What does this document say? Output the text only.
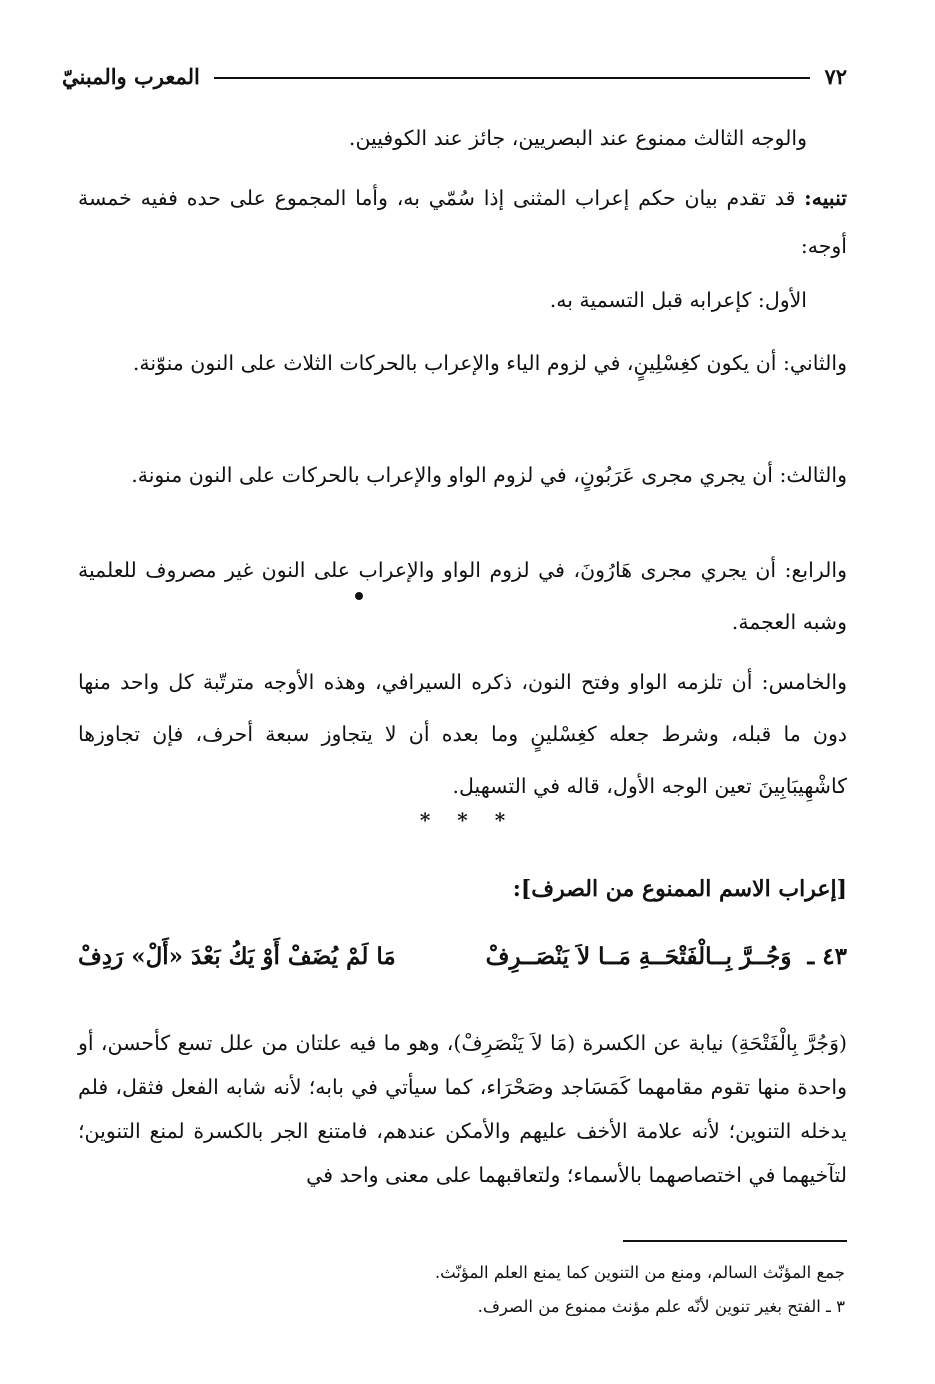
٧٢
المعرب والمبنيّ

والوجه الثالث ممنوع عند البصريين، جائز عند الكوفيين.

تنبيه: قد تقدم بيان حكم إعراب المثنى إذا سُمّي به، وأما المجموع على حده ففيه خمسة أوجه:

الأول: كإعرابه قبل التسمية به.

والثاني: أن يكون كغِسْلِينٍ، في لزوم الياء والإعراب بالحركات الثلاث على النون منوّنة.

والثالث: أن يجري مجرى عَرَبُونٍ، في لزوم الواو والإعراب بالحركات على النون منونة.

والرابع: أن يجري مجرى هَارُونَ، في لزوم الواو والإعراب على النون غير مصروف للعلمية وشبه العجمة.

والخامس: أن تلزمه الواو وفتح النون، ذكره السيرافي، وهذه الأوجه مترتّبة كل واحد منها دون ما قبله، وشرط جعله كغِسْلينٍ وما بعده أن لا يتجاوز سبعة أحرف، فإن تجاوزها كاشْهِيبَابِينَ تعين الوجه الأول، قاله في التسهيل.

* * *
[إعراب الاسم الممنوع من الصرف]:
٤٣ ـ وَجُــرَّ بِــالْفَتْحَــةِ مَــا لاَ يَنْصَــرِفْ
مَا لَمْ يُضَفْ أَوْ يَكُ بَعْدَ «أَلْ» رَدِفْ

(وَجُرَّ بِالْفَتْحَةِ) نيابة عن الكسرة (مَا لاَ يَنْصَرِفْ)، وهو ما فيه علتان من علل تسع كأحسن، أو واحدة منها تقوم مقامهما كَمَسَاجد وصَحْرَاء، كما سيأتي في بابه؛ لأنه شابه الفعل فثقل، فلم يدخله التنوين؛ لأنه علامة الأخف عليهم والأمكن عندهم، فامتنع الجر بالكسرة لمنع التنوين؛ لتآخيهما في اختصاصهما بالأسماء؛ ولتعاقبهما على معنى واحد في

جمع المؤنّث السالم، ومنع من التنوين كما يمنع العلم المؤنّث.

٣ ـ الفتح بغير تنوين لأنّه علم مؤنث ممنوع من الصرف.
